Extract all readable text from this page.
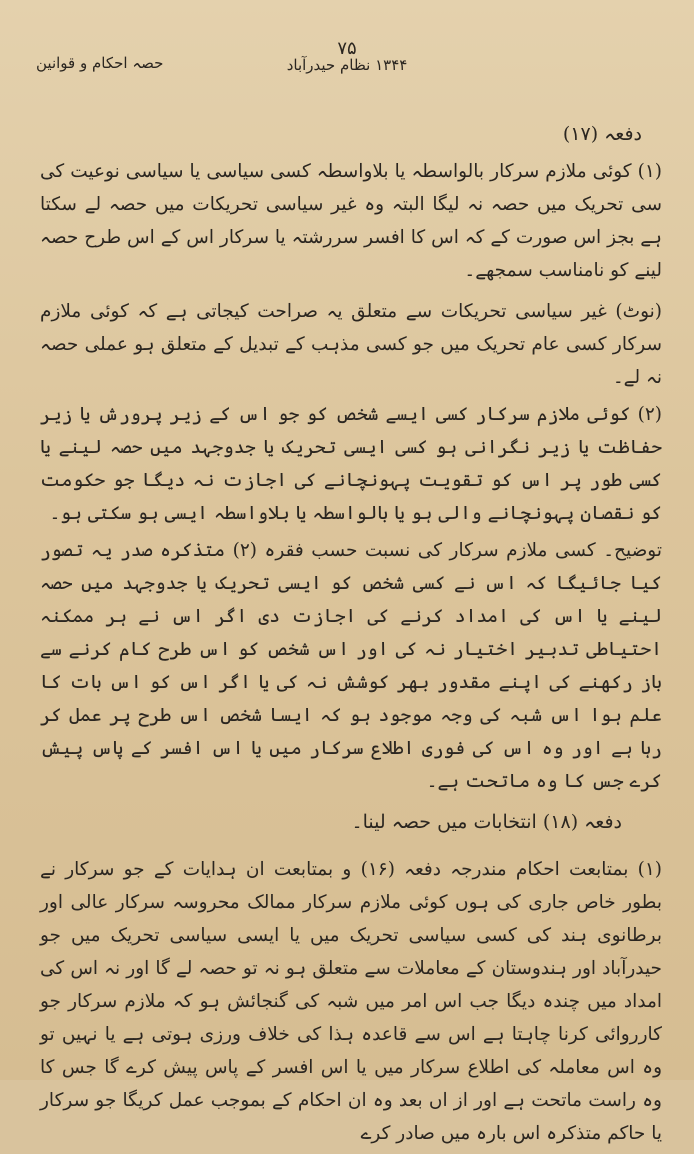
۷۵
۱۳۴۴ نظام حیدرآباد
حصہ احکام و قوانین
دفعہ (۱۷)

(۱) کوئی ملازم سرکار بالواسطہ یا بلاواسطہ کسی سیاسی یا سیاسی نوعیت کی سی تحریک میں حصہ نہ لیگا البتہ وہ غیر سیاسی تحریکات میں حصہ لے سکتا ہے بجز اس صورت کے کہ اس کا افسر سررشتہ یا سرکار اس کے اس طرح حصہ لینے کو نامناسب سمجھے۔

(نوٹ) غیر سیاسی تحریکات سے متعلق یہ صراحت کیجاتی ہے کہ کوئی ملازم سرکار کسی عام تحریک میں جو کسی مذہب کے تبدیل کے متعلق ہو عملی حصہ نہ لے۔

(۲) کوئی ملازم سرکار کسی ایسے شخص کو جو اس کے زیر پرورش یا زیر حفاظت یا زیر نگرانی ہو کسی ایسی تحریک یا جدوجہد میں حصہ لینے یا کسی طور پر اس کو تقویت پہونچانے کی اجازت نہ دیگا جو حکومت کو نقصان پہونچانے والی ہو یا بالواسطہ یا بلاواسطہ ایسی ہو سکتی ہو۔

توضیح۔ کسی ملازم سرکار کی نسبت حسب فقرہ (۲) متذکرہ صدر یہ تصور کیا جائیگا کہ اس نے کسی شخص کو ایسی تحریک یا جدوجہد میں حصہ لینے یا اس کی امداد کرنے کی اجازت دی اگر اس نے ہر ممکنہ احتیاطی تدبیر اختیار نہ کی اور اس شخص کو اس طرح کام کرنے سے باز رکھنے کی اپنے مقدور بھر کوشش نہ کی یا اگر اس کو اس بات کا علم ہوا اس شبہ کی وجہ موجود ہو کہ ایسا شخص اس طرح پر عمل کر رہا ہے اور وہ اس کی فوری اطلاع سرکار میں یا اس افسر کے پاس پیش کرے جس کا وہ ماتحت ہے۔

دفعہ (۱۸) انتخابات میں حصہ لینا۔

(۱) بمتابعت احکام مندرجہ دفعہ (۱۶) و بمتابعت ان ہدایات کے جو سرکار نے بطور خاص جاری کی ہوں کوئی ملازم سرکار ممالک محروسہ سرکار عالی اور برطانوی ہند کی کسی سیاسی تحریک میں یا ایسی سیاسی تحریک میں جو حیدرآباد اور ہندوستان کے معاملات سے متعلق ہو نہ تو حصہ لے گا اور نہ اس کی امداد میں چندہ دیگا جب اس امر میں شبہ کی گنجائش ہو کہ ملازم سرکار جو کارروائی کرنا چاہتا ہے اس سے قاعدہ ہذا کی خلاف ورزی ہوتی ہے یا نہیں تو وہ اس معاملہ کی اطلاع سرکار میں یا اس افسر کے پاس پیش کرے گا جس کا وہ راست ماتحت ہے اور از اں بعد وہ ان احکام کے بموجب عمل کریگا جو سرکار یا حاکم متذکرہ اس بارہ میں صادر کرے
